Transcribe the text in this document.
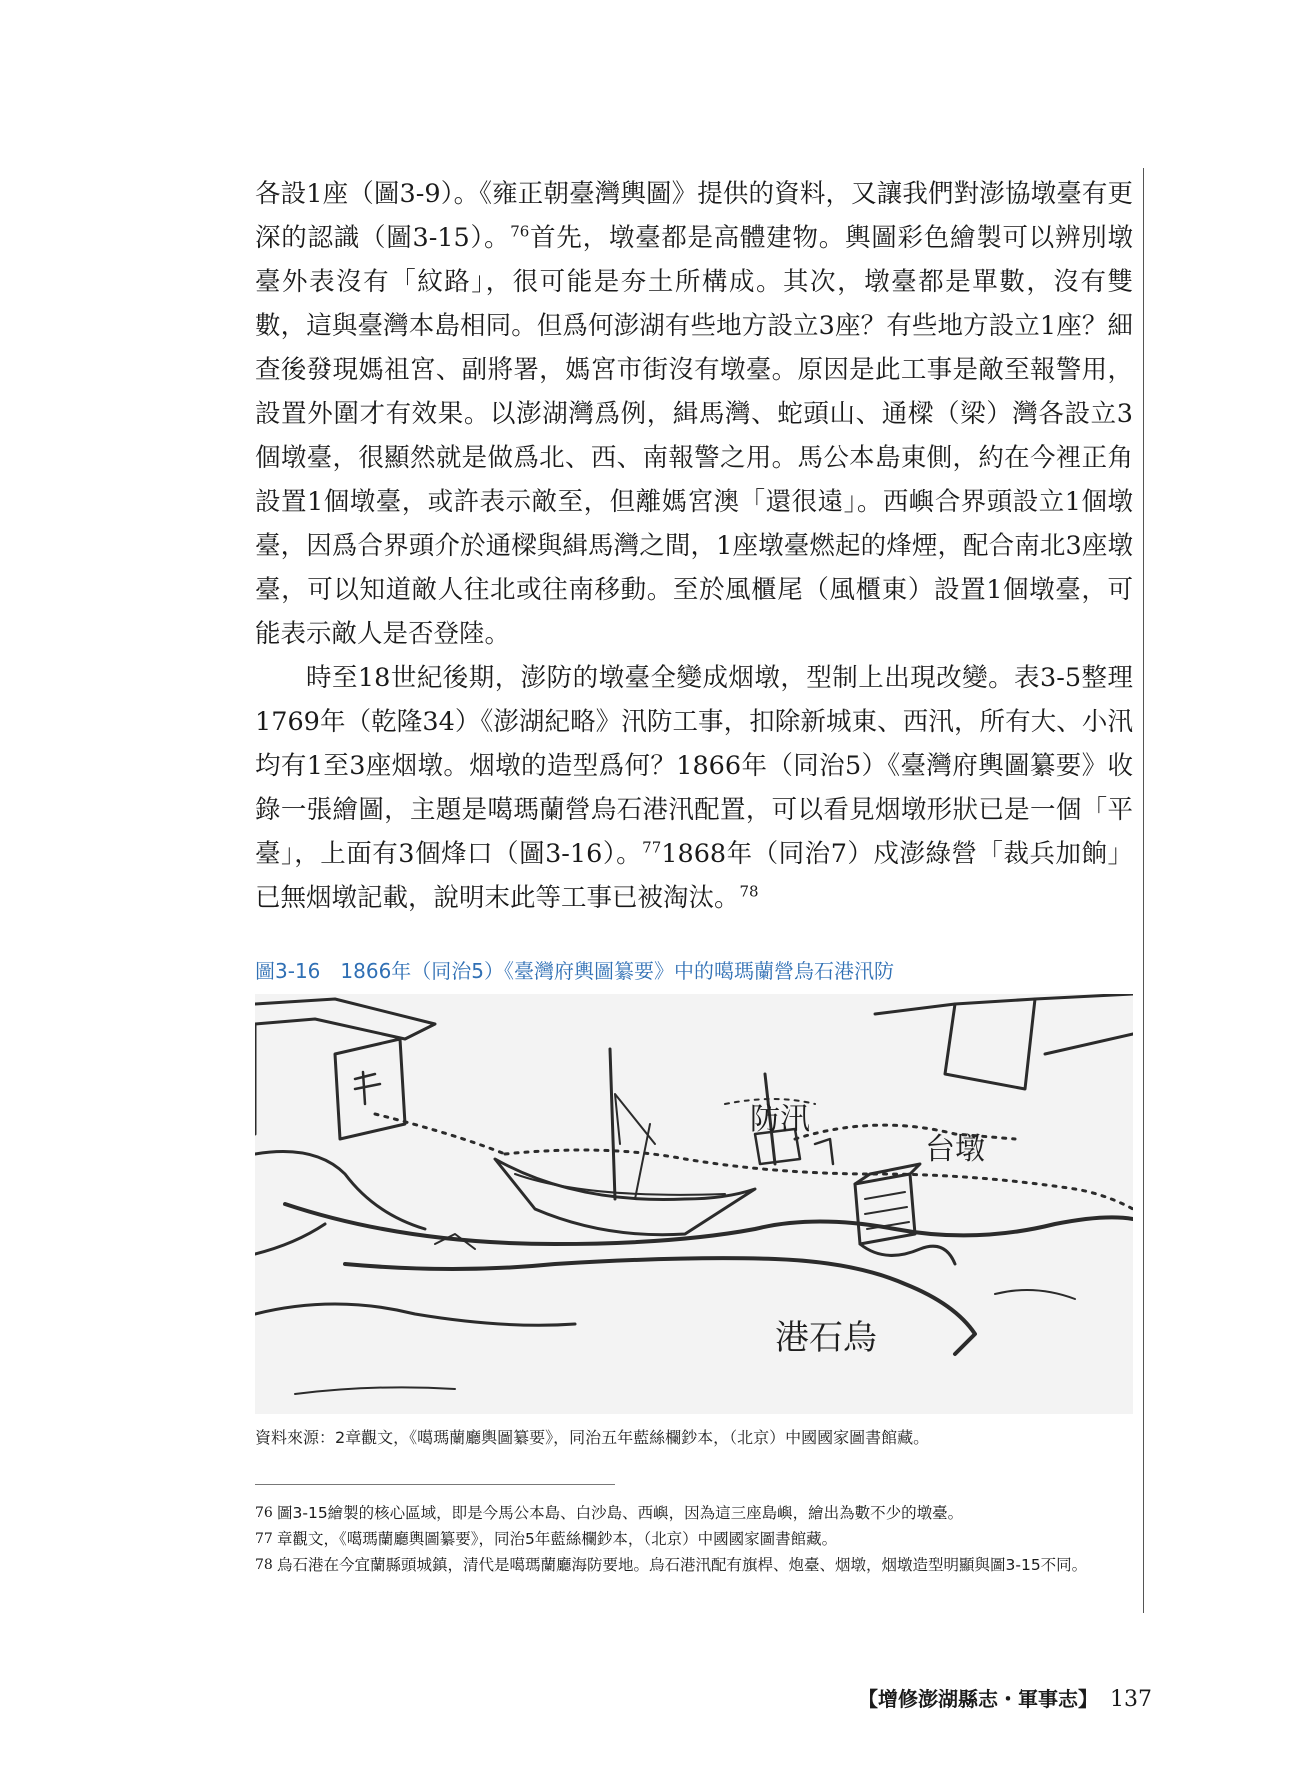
各設1座（圖3-9）。《雍正朝臺灣輿圖》提供的資料，又讓我們對澎協墩臺有更深的認識（圖3-15）。$^{76}$首先，墩臺都是高體建物。輿圖彩色繪製可以辨別墩臺外表沒有「紋路」，很可能是夯土所構成。其次，墩臺都是單數，沒有雙數，這與臺灣本島相同。但爲何澎湖有些地方設立3座？有些地方設立1座？細查後發現媽祖宮、副將署，媽宮市街沒有墩臺。原因是此工事是敵至報警用，設置外圍才有效果。以澎湖灣爲例，緝馬灣、蛇頭山、通樑（梁）灣各設立3個墩臺，很顯然就是做爲北、西、南報警之用。馬公本島東側，約在今裡正角設置1個墩臺，或許表示敵至，但離媽宮澳「還很遠」。西嶼合界頭設立1個墩臺，因爲合界頭介於通樑與緝馬灣之間，1座墩臺燃起的烽煙，配合南北3座墩臺，可以知道敵人往北或往南移動。至於風櫃尾（風櫃東）設置1個墩臺，可能表示敵人是否登陸。

時至18世紀後期，澎防的墩臺全變成烟墩，型制上出現改變。表3-5整理1769年（乾隆34）《澎湖紀略》汛防工事，扣除新城東、西汛，所有大、小汛均有1至3座烟墩。烟墩的造型爲何？1866年（同治5）《臺灣府輿圖纂要》收錄一張繪圖，主題是噶瑪蘭營烏石港汛配置，可以看見烟墩形狀已是一個「平臺」，上面有3個烽口（圖3-16）。$^{77}$1868年（同治7）戍澎綠營「裁兵加餉」已無烟墩記載，說明末此等工事已被淘汰。$^{78}$

圖3-16　1866年（同治5）《臺灣府輿圖纂要》中的噶瑪蘭營烏石港汛防
防汛
台墩
港石烏
資料來源：2章觀文，《噶瑪蘭廳輿圖纂要》，同治五年藍絲欄鈔本，（北京）中國國家圖書館藏。
76 圖3-15繪製的核心區域，即是今馬公本島、白沙島、西嶼，因為這三座島嶼，繪出為數不少的墩臺。
77 章觀文，《噶瑪蘭廳輿圖纂要》，同治5年藍絲欄鈔本，（北京）中國國家圖書館藏。
78 烏石港在今宜蘭縣頭城鎮，清代是噶瑪蘭廳海防要地。烏石港汛配有旗桿、炮臺、烟墩，烟墩造型明顯與圖3-15不同。
【增修澎湖縣志・軍事志】 137
